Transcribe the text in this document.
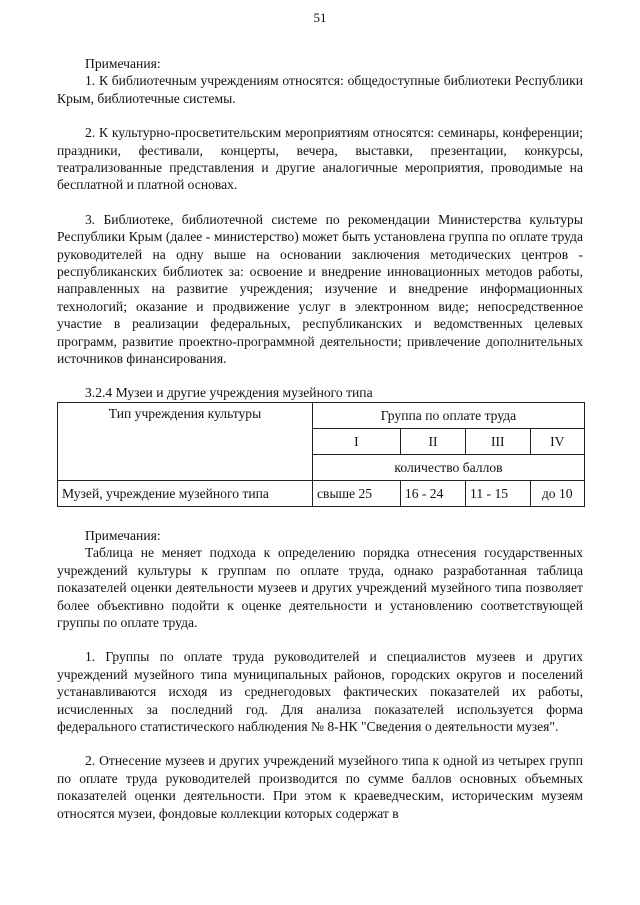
51

Примечания:

1. К библиотечным учреждениям относятся: общедоступные библиотеки Республики Крым, библиотечные системы.

2. К культурно-просветительским мероприятиям относятся: семинары, конференции; праздники, фестивали, концерты, вечера, выставки, презентации, конкурсы, театрализованные представления и другие аналогичные мероприятия, проводимые на бесплатной и платной основах.

3. Библиотеке, библиотечной системе по рекомендации Министерства культуры Республики Крым (далее - министерство) может быть установлена группа по оплате труда руководителей на одну выше на основании заключения методических центров - республиканских библиотек за: освоение и внедрение инновационных методов работы, направленных на развитие учреждения; изучение и внедрение информационных технологий; оказание и продвижение услуг в электронном виде; непосредственное участие в реализации федеральных, республиканских и ведомственных целевых программ, развитие проектно-программной деятельности; привлечение дополнительных источников финансирования.

3.2.4 Музеи и другие учреждения музейного типа

Тип учреждения культуры	Группа по оплате труда			
	I	II	III	IV
	количество баллов			
Музей, учреждение музейного типа	свыше 25	16 - 24	11 - 15	до 10

Примечания:

Таблица не меняет подхода к определению порядка отнесения государственных учреждений культуры к группам по оплате труда, однако разработанная таблица показателей оценки деятельности музеев и других учреждений музейного типа позволяет более объективно подойти к оценке деятельности и установлению соответствующей группы по оплате труда.

1. Группы по оплате труда руководителей и специалистов музеев и других учреждений музейного типа муниципальных районов, городских округов и поселений устанавливаются исходя из среднегодовых фактических показателей их работы, исчисленных за последний год. Для анализа показателей используется форма федерального статистического наблюдения № 8-НК "Сведения о деятельности музея".

2. Отнесение музеев и других учреждений музейного типа к одной из четырех групп по оплате труда руководителей производится по сумме баллов основных объемных показателей оценки деятельности. При этом к краеведческим, историческим музеям относятся музеи, фондовые коллекции которых содержат в
